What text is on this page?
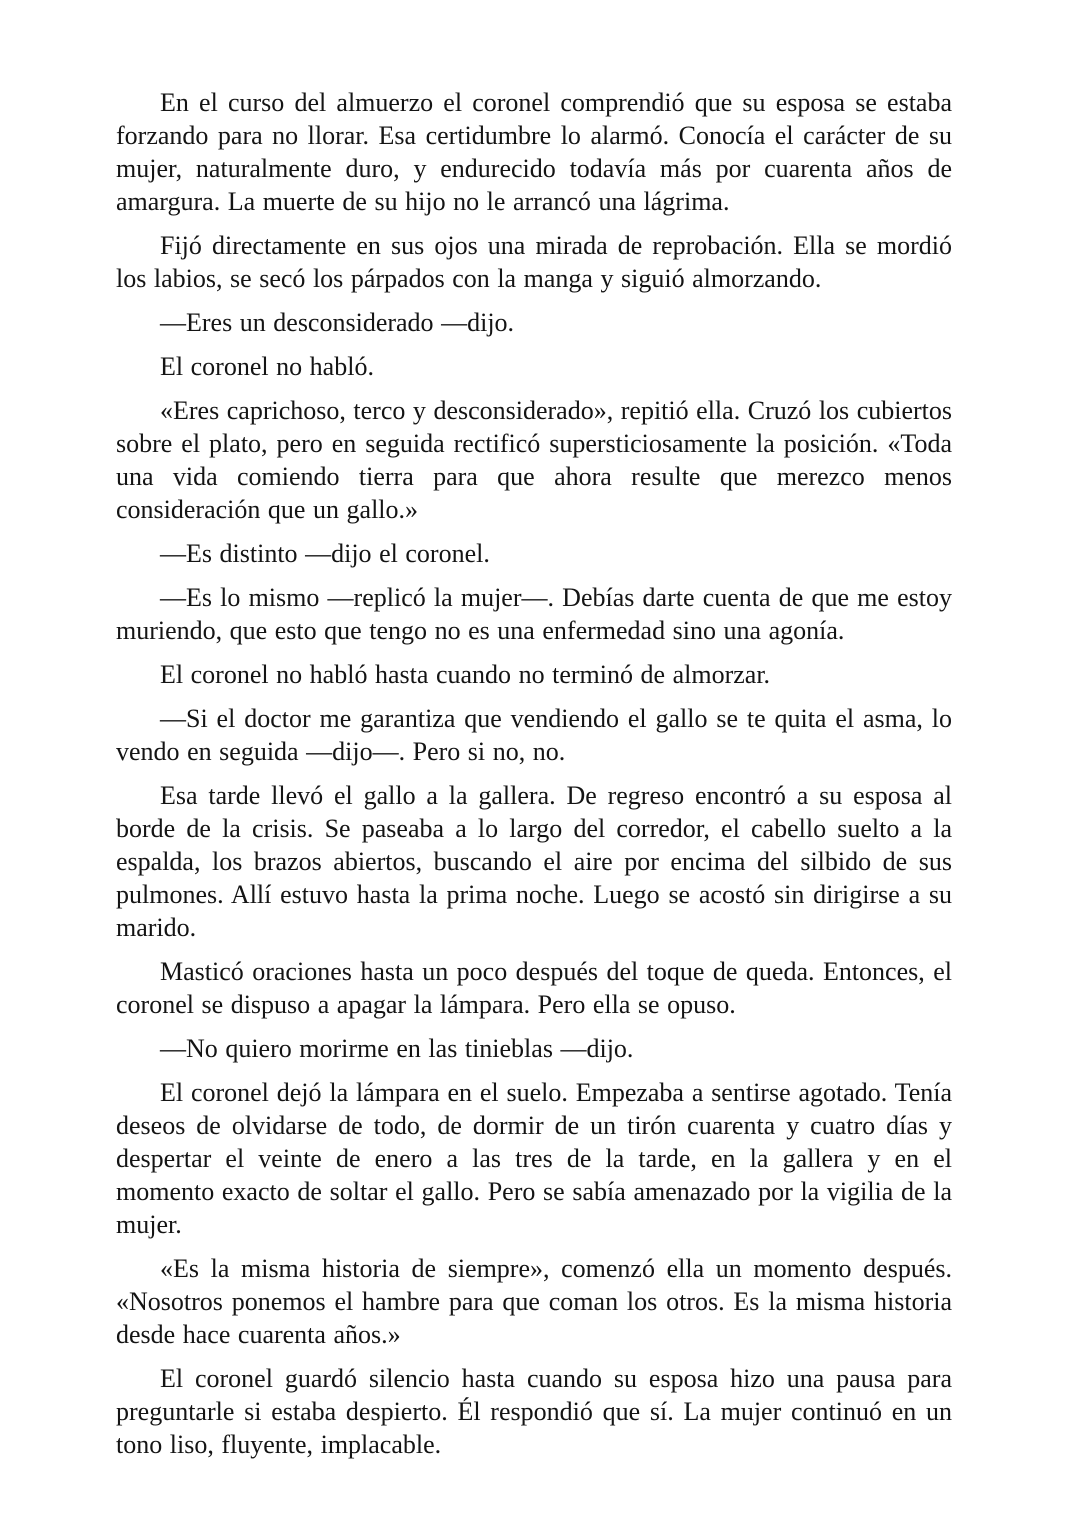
En el curso del almuerzo el coronel comprendió que su esposa se estaba forzando para no llorar. Esa certidumbre lo alarmó. Conocía el carácter de su mujer, naturalmente duro, y endurecido todavía más por cuarenta años de amargura. La muerte de su hijo no le arrancó una lágrima.

Fijó directamente en sus ojos una mirada de reprobación. Ella se mordió los labios, se secó los párpados con la manga y siguió almorzando.

—Eres un desconsiderado —dijo.

El coronel no habló.

«Eres caprichoso, terco y desconsiderado», repitió ella. Cruzó los cubiertos sobre el plato, pero en seguida rectificó supersticiosamente la posición. «Toda una vida comiendo tierra para que ahora resulte que merezco menos consideración que un gallo.»

—Es distinto —dijo el coronel.

—Es lo mismo —replicó la mujer—. Debías darte cuenta de que me estoy muriendo, que esto que tengo no es una enfermedad sino una agonía.

El coronel no habló hasta cuando no terminó de almorzar.

—Si el doctor me garantiza que vendiendo el gallo se te quita el asma, lo vendo en seguida —dijo—. Pero si no, no.

Esa tarde llevó el gallo a la gallera. De regreso encontró a su esposa al borde de la crisis. Se paseaba a lo largo del corredor, el cabello suelto a la espalda, los brazos abiertos, buscando el aire por encima del silbido de sus pulmones. Allí estuvo hasta la prima noche. Luego se acostó sin dirigirse a su marido.

Masticó oraciones hasta un poco después del toque de queda. Entonces, el coronel se dispuso a apagar la lámpara. Pero ella se opuso.

—No quiero morirme en las tinieblas —dijo.

El coronel dejó la lámpara en el suelo. Empezaba a sentirse agotado. Tenía deseos de olvidarse de todo, de dormir de un tirón cuarenta y cuatro días y despertar el veinte de enero a las tres de la tarde, en la gallera y en el momento exacto de soltar el gallo. Pero se sabía amenazado por la vigilia de la mujer.

«Es la misma historia de siempre», comenzó ella un momento después. «Nosotros ponemos el hambre para que coman los otros. Es la misma historia desde hace cuarenta años.»

El coronel guardó silencio hasta cuando su esposa hizo una pausa para preguntarle si estaba despierto. Él respondió que sí. La mujer continuó en un tono liso, fluyente, implacable.
